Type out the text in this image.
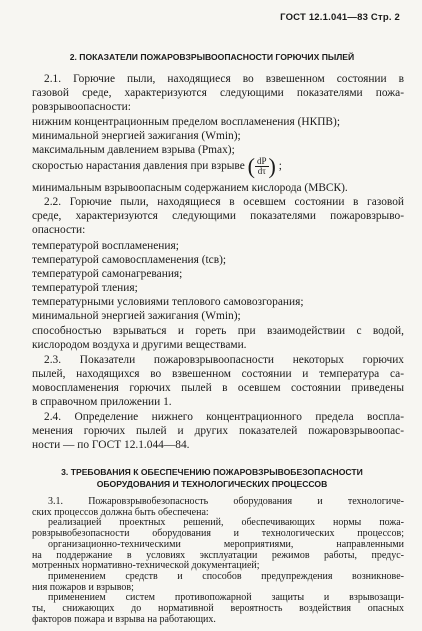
ГОСТ 12.1.041—83 Стр. 2
2. ПОКАЗАТЕЛИ ПОЖАРОВЗРЫВООПАСНОСТИ ГОРЮЧИХ ПЫЛЕЙ
2.1. Горючие пыли, находящиеся во взвешенном состоянии в
газовой среде, характеризуются следующими показателями пожа-
ровзрывоопасности:
нижним концентрационным пределом воспламенения (НКПВ);
минимальной энергией зажигания (Wmin);
максимальным давлением взрыва (Pmax);
скоростью нарастания давления при взрыве ( $\frac{dP}{d\tau}$ ) ;
минимальным взрывоопасным содержанием кислорода (МВСК).
2.2. Горючие пыли, находящиеся в осевшем состоянии в газовой
среде, характеризуются следующими показателями пожаровзрыво-
опасности:
температурой воспламенения;
температурой самовоспламенения (tсв);
температурой самонагревания;
температурой тления;
температурными условиями теплового самовозгорания;
минимальной энергией зажигания (Wmin);
способностью взрываться и гореть при взаимодействии с водой,
кислородом воздуха и другими веществами.
2.3. Показатели пожаровзрывоопасности некоторых горючих
пылей, находящихся во взвешенном состоянии и температура са-
мовоспламенения горючих пылей в осевшем состоянии приведены
в справочном приложении 1.
2.4. Определение нижнего концентрационного предела воспла-
менения горючих пылей и других показателей пожаровзрывоопас-
ности — по ГОСТ 12.1.044—84.
3. ТРЕБОВАНИЯ К ОБЕСПЕЧЕНИЮ ПОЖАРОВЗРЫВОБЕЗОПАСНОСТИ
ОБОРУДОВАНИЯ И ТЕХНОЛОГИЧЕСКИХ ПРОЦЕССОВ
3.1. Пожаровзрывобезопасность оборудования и технологиче-
ских процессов должна быть обеспечена:
реализацией проектных решений, обеспечивающих нормы пожа-
ровзрывобезопасности оборудования и технологических процессов;
организационно-техническими мероприятиями, направленными
на поддержание в условиях эксплуатации режимов работы, предус-
мотренных нормативно-технической документацией;
применением средств и способов предупреждения возникнове-
ния пожаров и взрывов;
применением систем противопожарной защиты и взрывозащи-
ты, снижающих до нормативной вероятность воздействия опасных
факторов пожара и взрыва на работающих.
